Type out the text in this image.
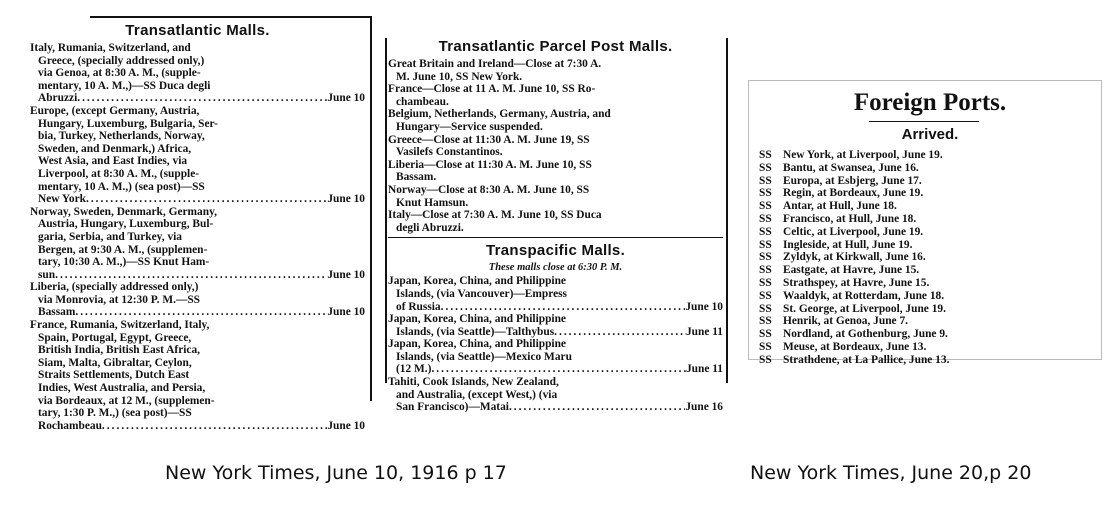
Transatlantic Malls.
Italy, Rumania, Switzerland, and
Greece, (specially addressed only,)
via Genoa, at 8:30 A. M., (supple-
mentary, 10 A. M.,)—SS Duca degli
Abruzzi .....	June 10
Europe, (except Germany, Austria,
Hungary, Luxemburg, Bulgaria, Ser-
bia, Turkey, Netherlands, Norway,
Sweden, and Denmark,) Africa,
West Asia, and East Indies, via
Liverpool, at 8:30 A. M., (supple-
mentary, 10 A. M.,) (sea post)—SS
New York .....	June 10
Norway, Sweden, Denmark, Germany,
Austria, Hungary, Luxemburg, Bul-
garia, Serbia, and Turkey, via
Bergen, at 9:30 A. M., (supplemen-
tary, 10:30 A. M.,)—SS Knut Ham-
sun .....	June 10
Liberia, (specially addressed only,)
via Monrovia, at 12:30 P. M.—SS
Bassam .....	June 10
France, Rumania, Switzerland, Italy,
Spain, Portugal, Egypt, Greece,
British India, British East Africa,
Siam, Malta, Gibraltar, Ceylon,
Straits Settlements, Dutch East
Indies, West Australia, and Persia,
via Bordeaux, at 12 M., (supplemen-
tary, 1:30 P. M.,) (sea post)—SS
Rochambeau .....	June 10
Transatlantic Parcel Post Malls.
Great Britain and Ireland—Close at 7:30 A.
M. June 10, SS New York.
France—Close at 11 A. M. June 10, SS Ro-
chambeau.
Belgium, Netherlands, Germany, Austria, and
Hungary—Service suspended.
Greece—Close at 11:30 A. M. June 19, SS
Vasilefs Constantinos.
Liberia—Close at 11:30 A. M. June 10, SS
Bassam.
Norway—Close at 8:30 A. M. June 10, SS
Knut Hamsun.
Italy—Close at 7:30 A. M. June 10, SS Duca
degli Abruzzi.
Transpacific Malls.
These malls close at 6:30 P. M.
Japan, Korea, China, and Philippine
Islands, (via Vancouver)—Empress
of Russia .....	June 10
Japan, Korea, China, and Philippine
Islands, (via Seattle)—Talthybus .....	June 11
Japan, Korea, China, and Philippine
Islands, (via Seattle)—Mexico Maru
(12 M.) .....	June 11
Tahiti, Cook Islands, New Zealand,
and Australia, (except West,) (via
San Francisco)—Matai .....	June 16
Foreign Ports.
Arrived.
SS New York, at Liverpool, June 19.
SS Bantu, at Swansea, June 16.
SS Europa, at Esbjerg, June 17.
SS Regin, at Bordeaux, June 19.
SS Antar, at Hull, June 18.
SS Francisco, at Hull, June 18.
SS Celtic, at Liverpool, June 19.
SS Ingleside, at Hull, June 19.
SS Zyldyk, at Kirkwall, June 16.
SS Eastgate, at Havre, June 15.
SS Strathspey, at Havre, June 15.
SS Waaldyk, at Rotterdam, June 18.
SS St. George, at Liverpool, June 19.
SS Henrik, at Genoa, June 7.
SS Nordland, at Gothenburg, June 9.
SS Meuse, at Bordeaux, June 13.
SS Strathdene, at La Pallice, June 13.
New York Times, June 10, 1916 p 17	New York Times, June 20,p 20
